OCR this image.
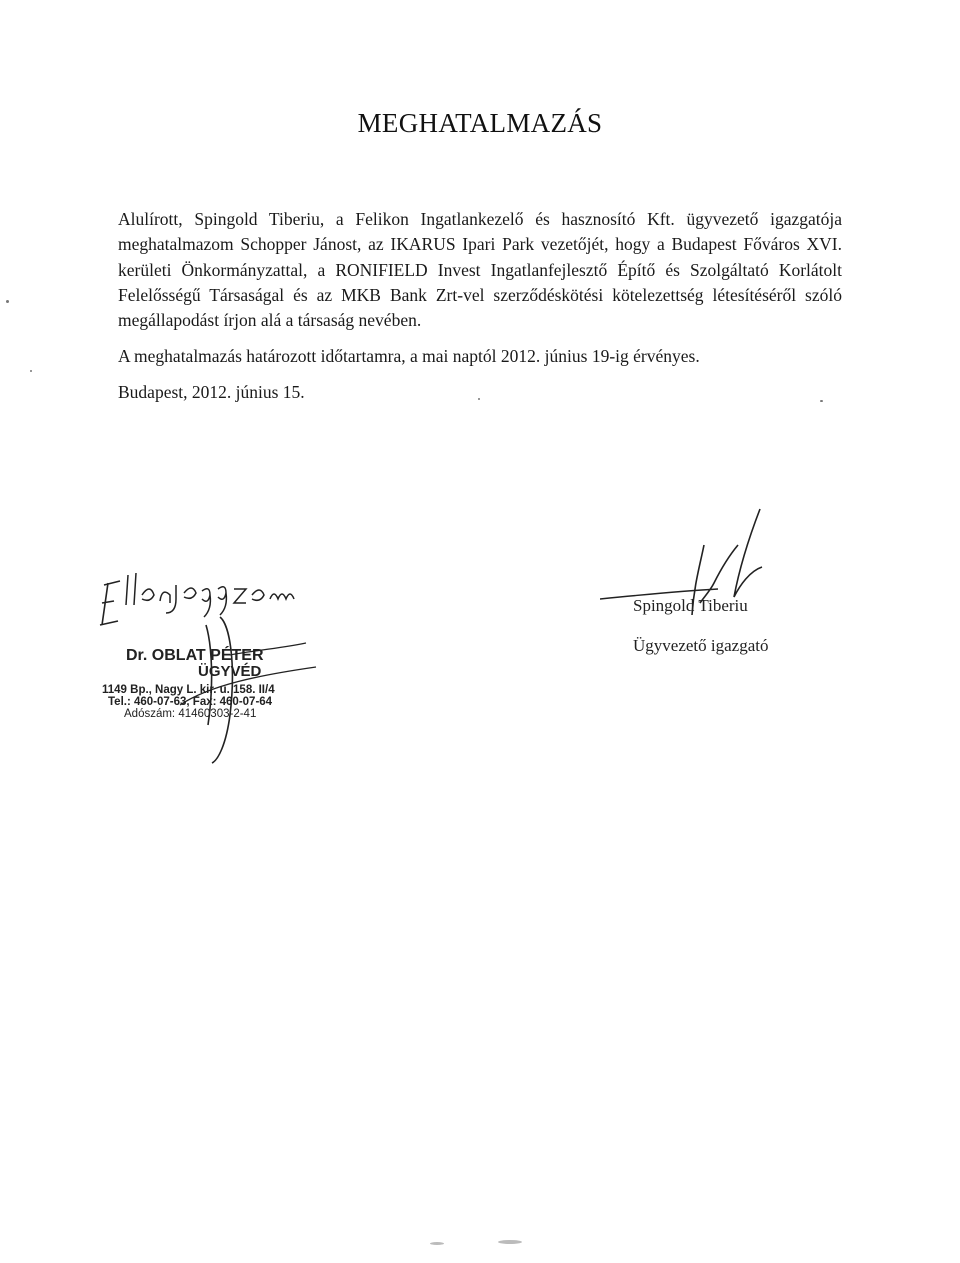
MEGHATALMAZÁS

Alulírott, Spingold Tiberiu, a Felikon Ingatlankezelő és hasznosító Kft. ügyvezető igazgatója meghatalmazom Schopper Jánost, az IKARUS Ipari Park vezetőjét, hogy a Budapest Főváros XVI. kerületi Önkormányzattal, a RONIFIELD Invest Ingatlanfejlesztő Építő és Szolgáltató Korlátolt Felelősségű Társaságal és az MKB Bank Zrt-vel szerződéskötési kötelezettség létesítéséről szóló megállapodást írjon alá a társaság nevében.

A meghatalmazás határozott időtartamra, a mai naptól 2012. június 19-ig érvényes.

Budapest, 2012. június 15.

Dr. OBLAT PÉTER
ÜGYVÉD
1149 Bp., Nagy L. kir. u. 158. II/4
Tel.: 460-07-63, Fax: 460-07-64
Adószám: 41460303-2-41
Spingold Tiberiu
Ügyvezető igazgató
